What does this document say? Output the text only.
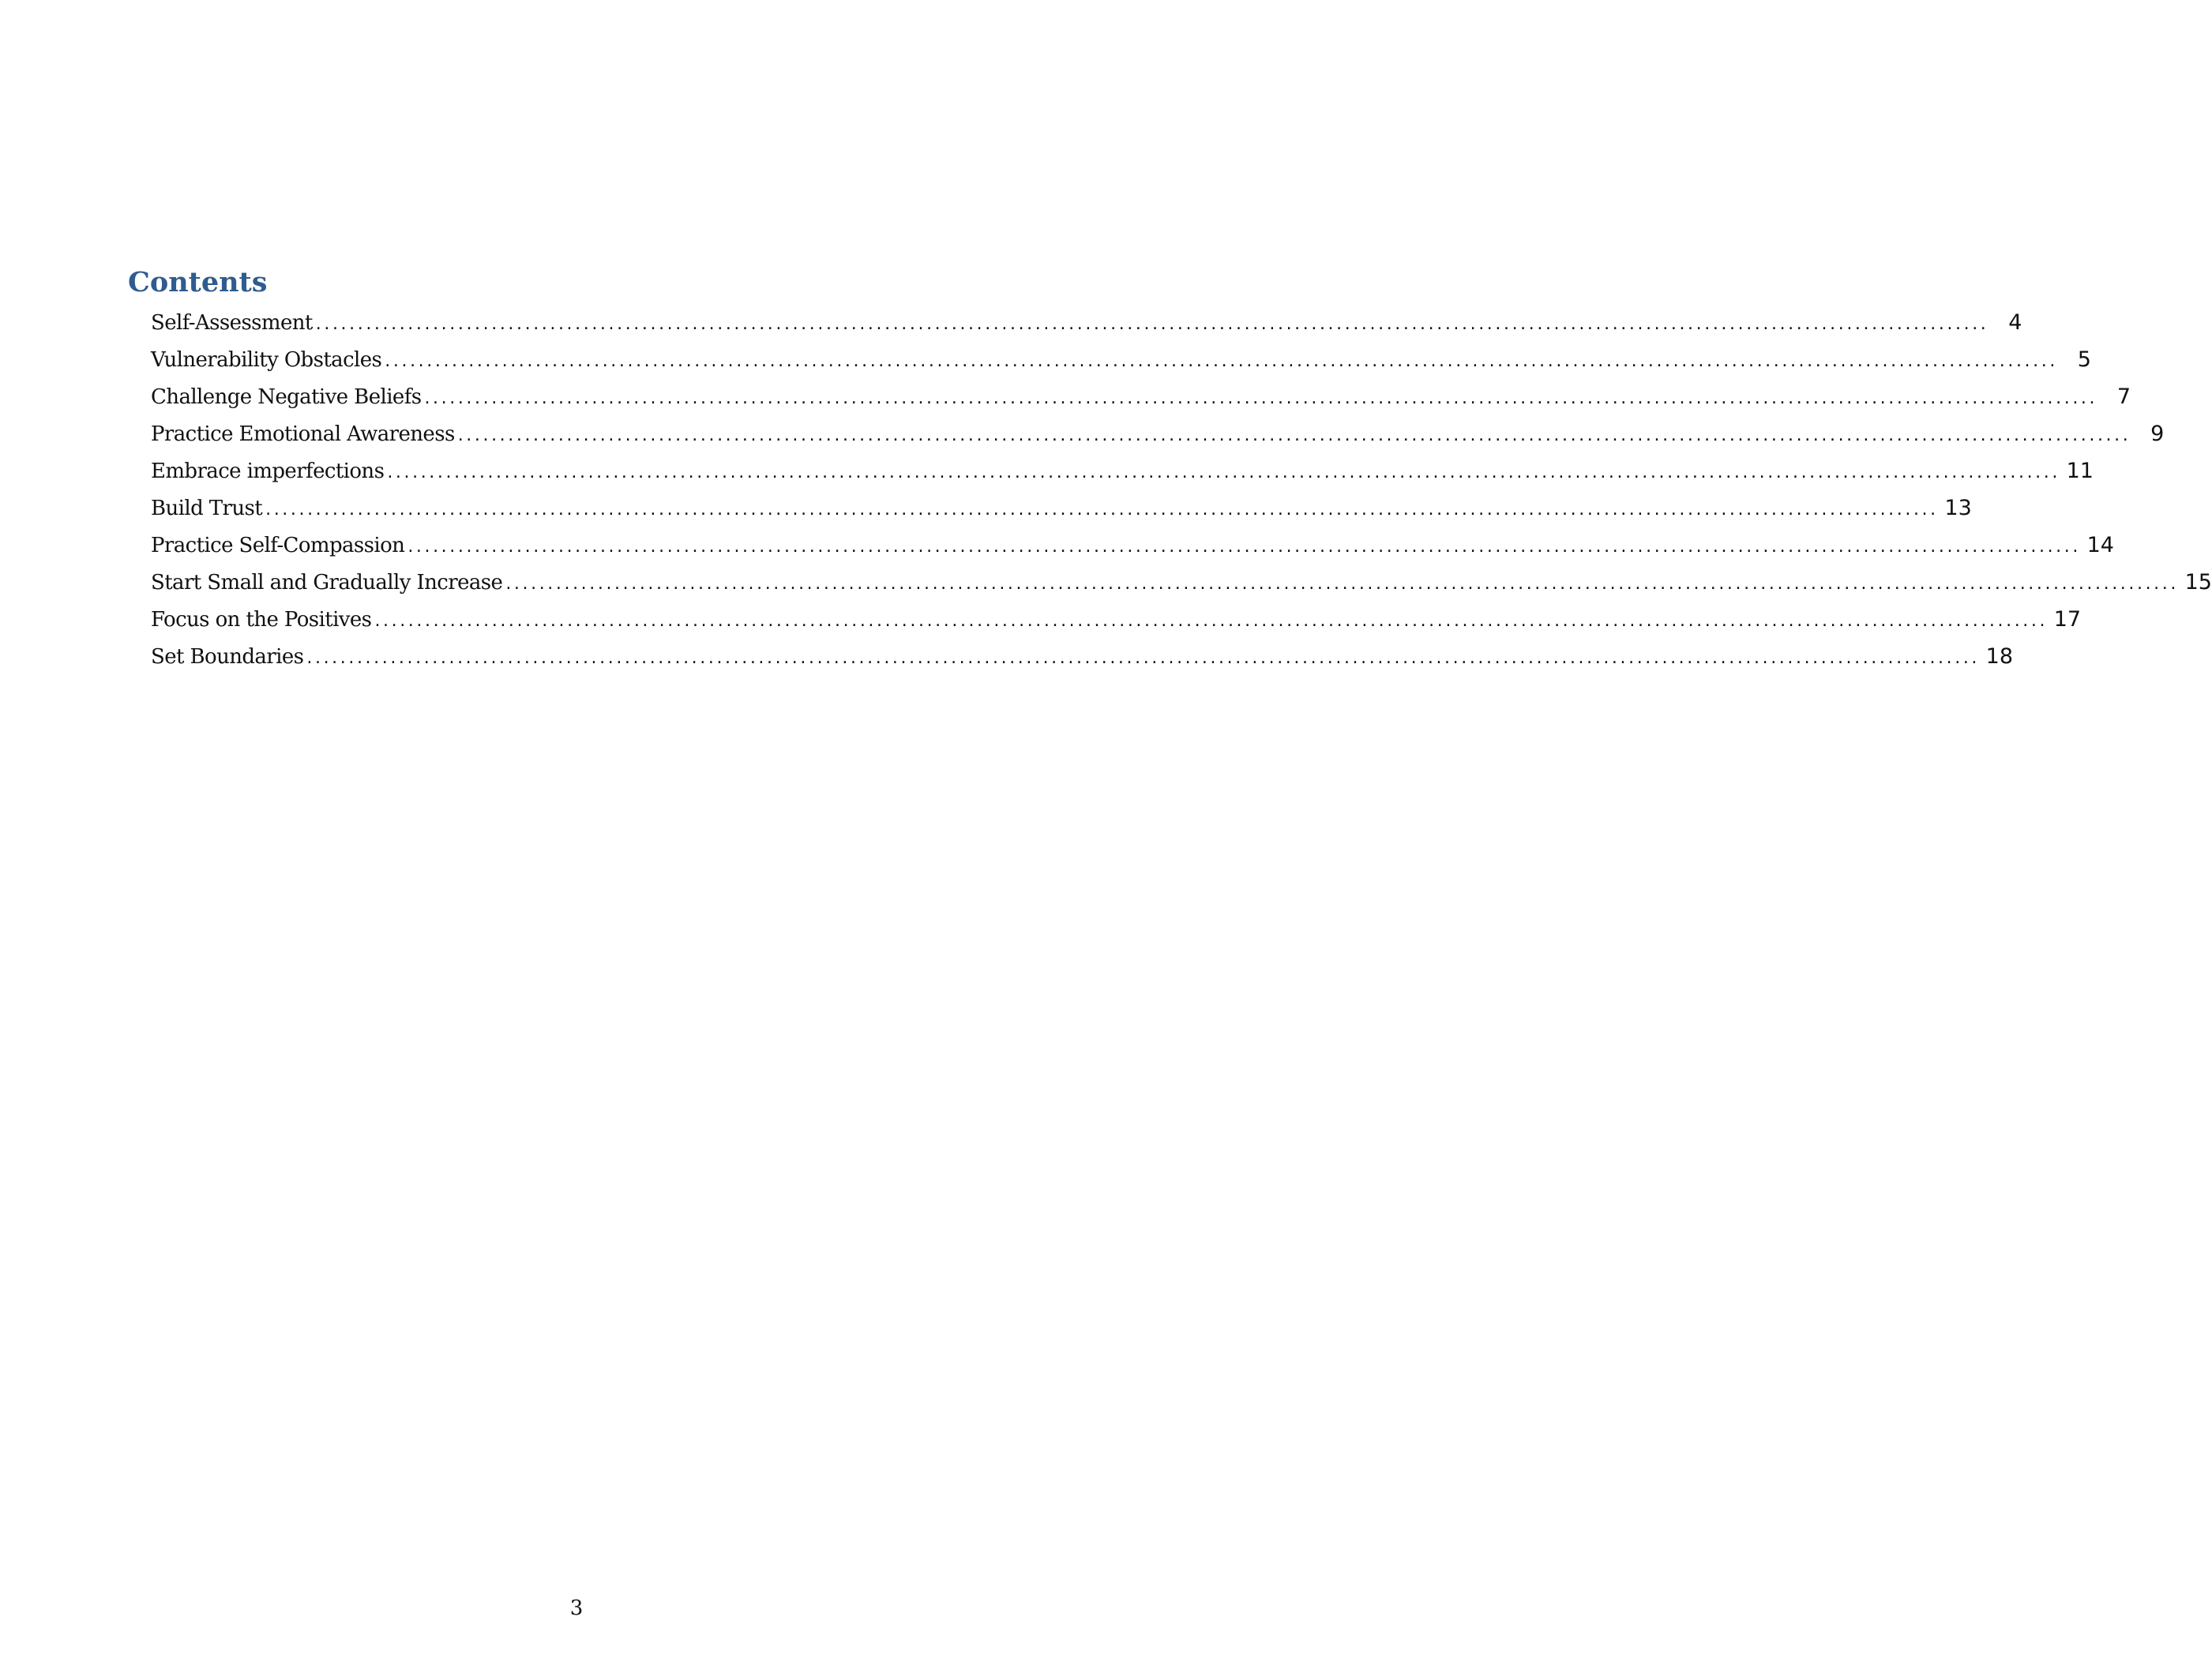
Contents
Self-Assessment ........................................................................................................................................................................................................ 4
Vulnerability Obstacles ........................................................................................................................................................................................................ 5
Challenge Negative Beliefs ........................................................................................................................................................................................................ 7
Practice Emotional Awareness ........................................................................................................................................................................................................ 9
Embrace imperfections ........................................................................................................................................................................................................ 11
Build Trust ........................................................................................................................................................................................................ 13
Practice Self-Compassion ........................................................................................................................................................................................................ 14
Start Small and Gradually Increase ........................................................................................................................................................................................................ 15
Focus on the Positives ........................................................................................................................................................................................................ 17
Set Boundaries ........................................................................................................................................................................................................ 18
3
